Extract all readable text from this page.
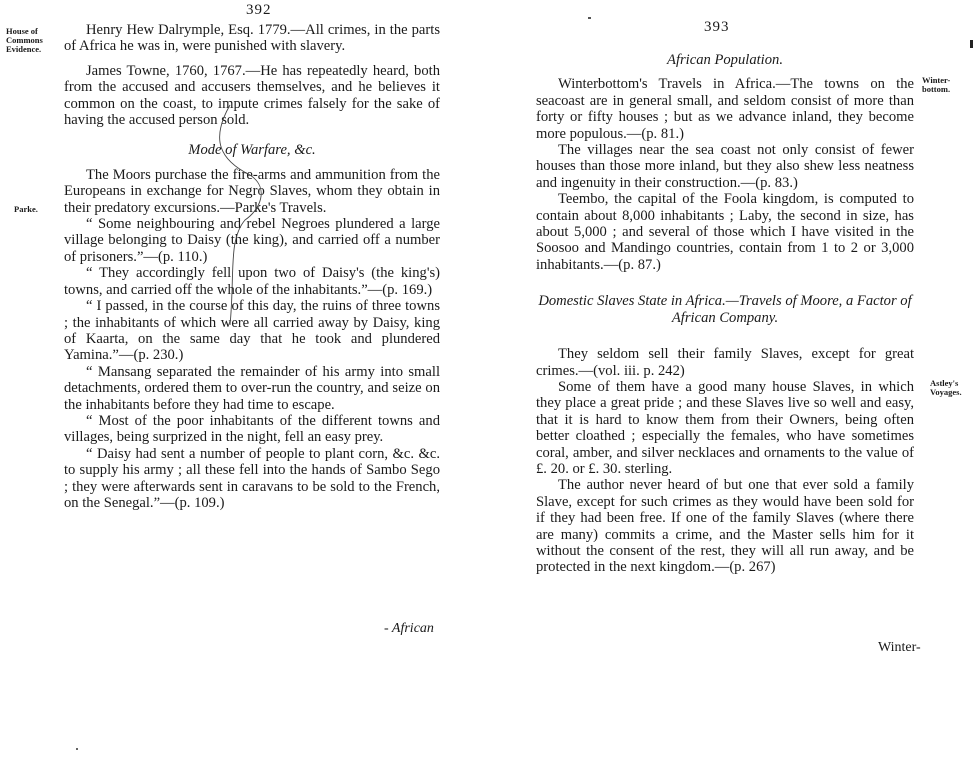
392
House of Commons Evidence.
Parke.

Henry Hew Dalrymple, Esq. 1779.—All crimes, in the parts of Africa he was in, were punished with slavery.

James Towne, 1760, 1767.—He has repeatedly heard, both from the accused and accusers themselves, and he believes it common on the coast, to impute crimes falsely for the sake of having the accused person sold.

Mode of Warfare, &c.

The Moors purchase the fire-arms and ammunition from the Europeans in exchange for Negro Slaves, whom they obtain in their predatory excursions.—Parke's Travels.

“ Some neighbouring and rebel Negroes plundered a large village belonging to Daisy (the king), and carried off a number of prisoners.”—(p. 110.)

“ They accordingly fell upon two of Daisy's (the king's) towns, and carried off the whole of the inhabitants.”—(p. 169.)

“ I passed, in the course of this day, the ruins of three towns ; the inhabitants of which were all carried away by Daisy, king of Kaarta, on the same day that he took and plundered Yamina.”—(p. 230.)

“ Mansang separated the remainder of his army into small detachments, ordered them to over-run the country, and seize on the inhabitants before they had time to escape.

“ Most of the poor inhabitants of the different towns and villages, being surprized in the night, fell an easy prey.

“ Daisy had sent a number of people to plant corn, &c. &c. to supply his army ; all these fell into the hands of Sambo Sego ; they were afterwards sent in caravans to be sold to the French, on the Senegal.”—(p. 109.)

- African
393
Winter-bottom.
Astley's Voyages.
African Population.

Winterbottom's Travels in Africa.—The towns on the seacoast are in general small, and seldom consist of more than forty or fifty houses ; but as we advance inland, they become more populous.—(p. 81.)

The villages near the sea coast not only consist of fewer houses than those more inland, but they also shew less neatness and ingenuity in their construction.—(p. 83.)

Teembo, the capital of the Foola kingdom, is computed to contain about 8,000 inhabitants ; Laby, the second in size, has about 5,000 ; and several of those which I have visited in the Soosoo and Mandingo countries, contain from 1 to 2 or 3,000 inhabitants.—(p. 87.)

Domestic Slaves State in Africa.—Travels of Moore, a Factor of African Company.

They seldom sell their family Slaves, except for great crimes.—(vol. iii. p. 242)

Some of them have a good many house Slaves, in which they place a great pride ; and these Slaves live so well and easy, that it is hard to know them from their Owners, being often better cloathed ; especially the females, who have sometimes coral, amber, and silver necklaces and ornaments to the value of £. 20. or £. 30. sterling.

The author never heard of but one that ever sold a family Slave, except for such crimes as they would have been sold for if they had been free. If one of the family Slaves (where there are many) commits a crime, and the Master sells him for it without the consent of the rest, they will all run away, and be protected in the next kingdom.—(p. 267)

Winter-
